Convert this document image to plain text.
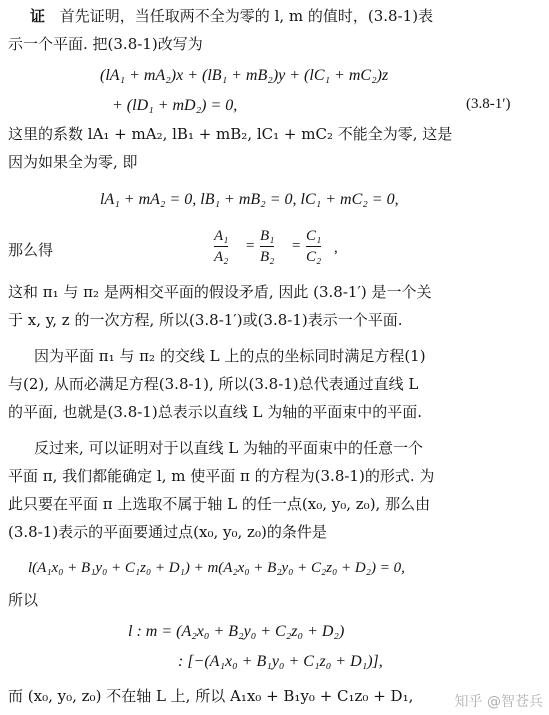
证 首先证明，当任取两不全为零的 l, m 的值时，(3.8-1)表
示一个平面. 把(3.8-1)改写为
(lA₁ + mA₂)x + (lB₁ + mB₂)y + (lC₁ + mC₂)z
+ (lD₁ + mD₂) = 0,	(3.8-1′)
这里的系数 lA₁ + mA₂, lB₁ + mB₂, lC₁ + mC₂ 不能全为零, 这是
因为如果全为零, 即
lA₁ + mA₂ = 0, lB₁ + mB₂ = 0, lC₁ + mC₂ = 0,
那么得
A₁
A₂
=
B₁
B₂
=
C₁
C₂
,
这和 π₁ 与 π₂ 是两相交平面的假设矛盾, 因此 (3.8-1′) 是一个关
于 x, y, z 的一次方程, 所以(3.8-1′)或(3.8-1)表示一个平面.
因为平面 π₁ 与 π₂ 的交线 L 上的点的坐标同时满足方程(1)
与(2), 从而必满足方程(3.8-1), 所以(3.8-1)总代表通过直线 L
的平面, 也就是(3.8-1)总表示以直线 L 为轴的平面束中的平面.
反过来, 可以证明对于以直线 L 为轴的平面束中的任意一个
平面 π, 我们都能确定 l, m 使平面 π 的方程为(3.8-1)的形式. 为
此只要在平面 π 上选取不属于轴 L 的任一点(x₀, y₀, z₀), 那么由
(3.8-1)表示的平面要通过点(x₀, y₀, z₀)的条件是
l(A₁x₀ + B₁y₀ + C₁z₀ + D₁) + m(A₂x₀ + B₂y₀ + C₂z₀ + D₂) = 0,
所以
l : m = (A₂x₀ + B₂y₀ + C₂z₀ + D₂)
: [−(A₁x₀ + B₁y₀ + C₁z₀ + D₁)],
而 (x₀, y₀, z₀) 不在轴 L 上, 所以 A₁x₀ + B₁y₀ + C₁z₀ + D₁,	知乎 @智苍兵
